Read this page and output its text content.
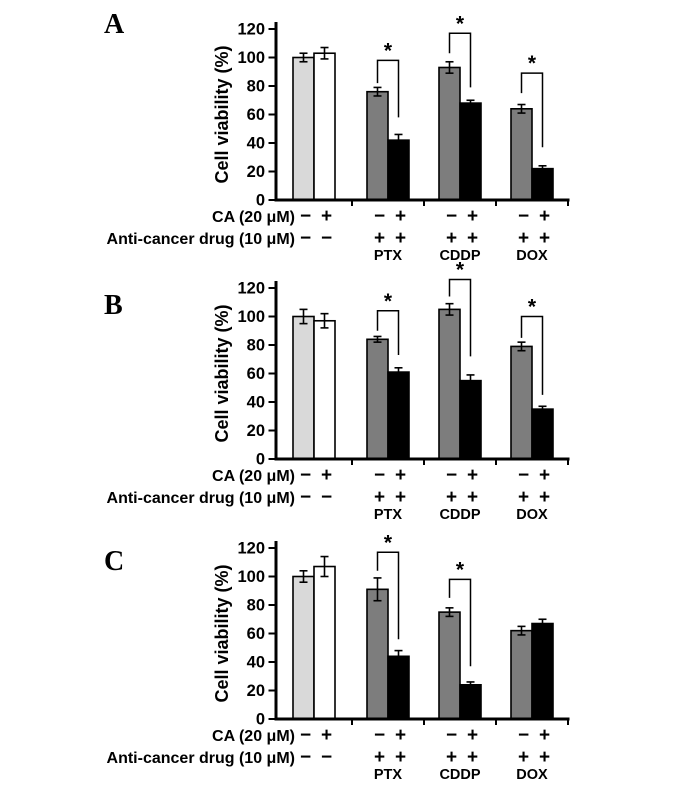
A
0
20
40
60
80
100
120
Cell viability (%)
CA (20 μM)
Anti-cancer drug (10 μM)
−
−
+
−
−
+
+
+
PTX
*
−
+
+
+
CDDP
*
−
+
+
+
DOX
*
B
0
20
40
60
80
100
120
Cell viability (%)
CA (20 μM)
Anti-cancer drug (10 μM)
−
−
+
−
−
+
+
+
PTX
*
−
+
+
+
CDDP
*
−
+
+
+
DOX
*
C
0
20
40
60
80
100
120
Cell viability (%)
CA (20 μM)
Anti-cancer drug (10 μM)
−
−
+
−
−
+
+
+
PTX
*
−
+
+
+
CDDP
*
−
+
+
+
DOX
